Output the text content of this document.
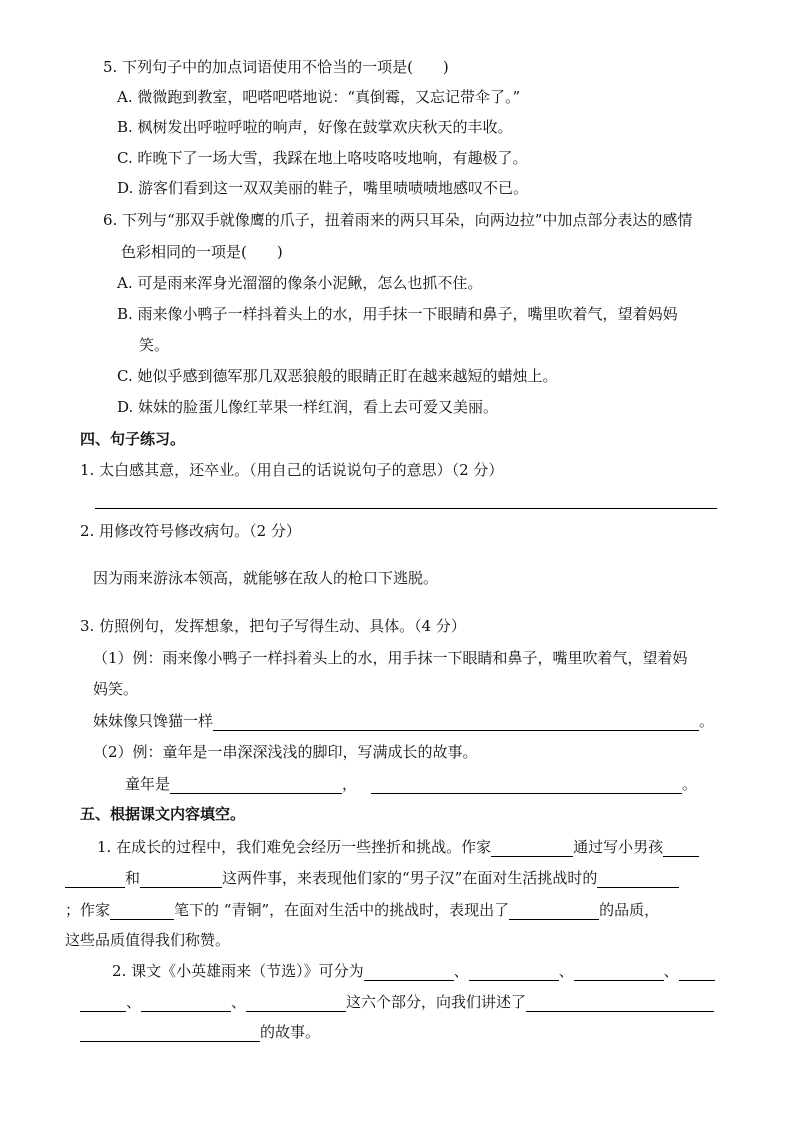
5. 下列句子中的加点词语使用不恰当的一项是(　　)
A. 微微跑到教室，吧嗒吧嗒地说：“真倒霉，又忘记带伞了。”
B. 枫树发出呼啦呼啦的响声，好像在鼓掌欢庆秋天的丰收。
C. 昨晚下了一场大雪，我踩在地上咯吱咯吱地响，有趣极了。
D. 游客们看到这一双双美丽的鞋子，嘴里啧啧啧地感叹不已。
6. 下列与“那双手就像鹰的爪子，扭着雨来的两只耳朵，向两边拉”中加点部分表达的感情
色彩相同的一项是(　　)
A. 可是雨来浑身光溜溜的像条小泥鳅，怎么也抓不住。
B. 雨来像小鸭子一样抖着头上的水，用手抹一下眼睛和鼻子，嘴里吹着气，望着妈妈
笑。
C. 她似乎感到德军那几双恶狼般的眼睛正盯在越来越短的蜡烛上。
D. 妹妹的脸蛋儿像红苹果一样红润，看上去可爱又美丽。
四、句子练习。
1. 太白感其意，还卒业。（用自己的话说说句子的意思）（2 分）
2. 用修改符号修改病句。（2 分）
因为雨来游泳本领高，就能够在敌人的枪口下逃脱。
3. 仿照例句，发挥想象，把句子写得生动、具体。（4 分）
（1）例：雨来像小鸭子一样抖着头上的水，用手抹一下眼睛和鼻子，嘴里吹着气，望着妈
妈笑。
妹妹像只馋猫一样	。
（2）例：童年是一串深深浅浅的脚印，写满成长的故事。
童年是	，	。
五、根据课文内容填空。
1. 在成长的过程中，我们难免会经历一些挫折和挑战。作家	通过写小男孩
和	这两件事，来表现他们家的“男子汉”在面对生活挑战时的
；作家	笔下的 “青铜”，在面对生活中的挑战时，表现出了	的品质，
这些品质值得我们称赞。
2. 课文《小英雄雨来（节选）》可分为	、	、	、
、	、	这六个部分，向我们讲述了
的故事。
